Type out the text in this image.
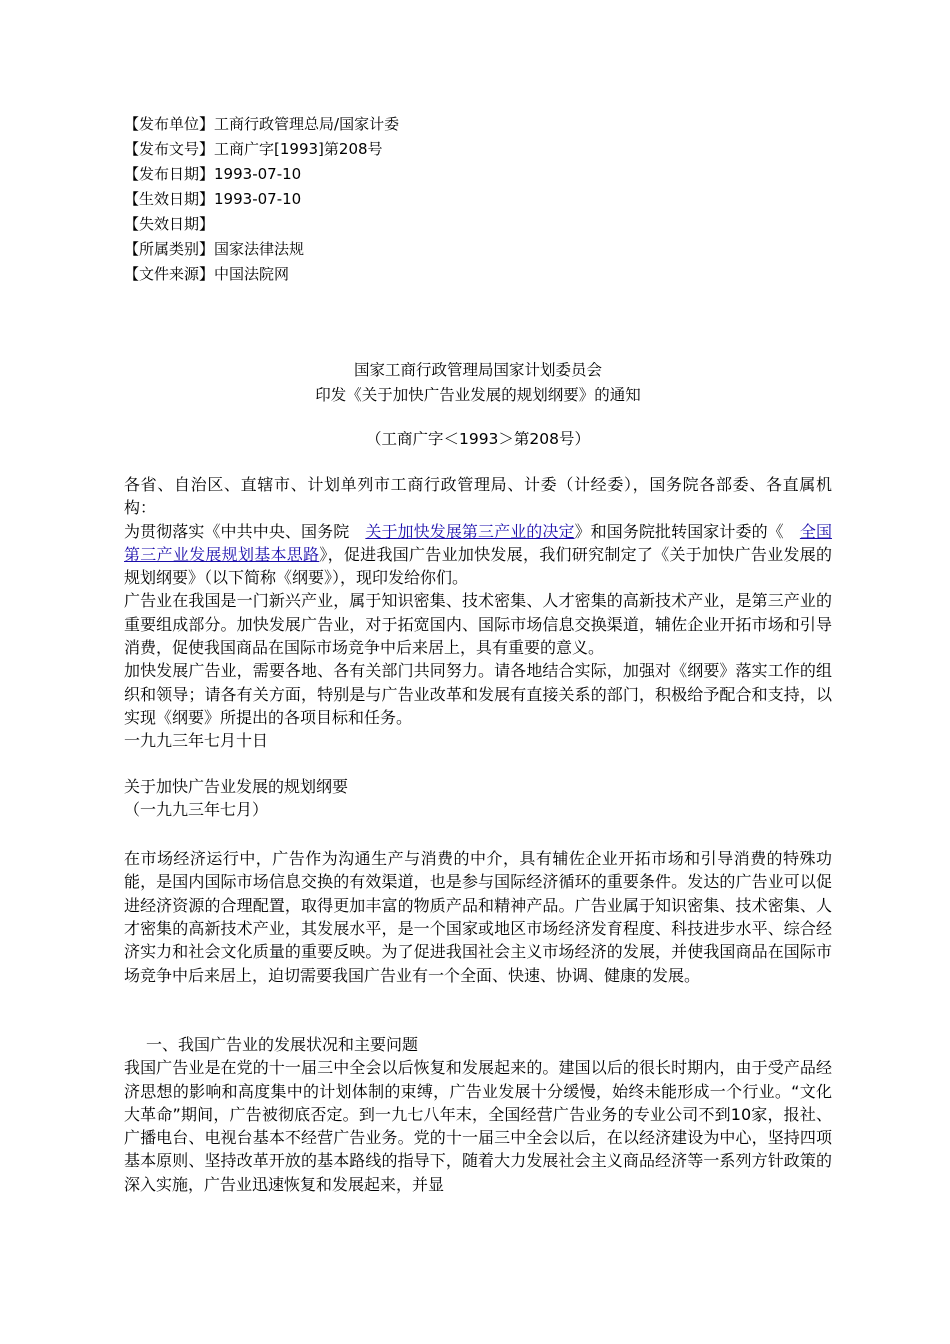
【发布单位】工商行政管理总局/国家计委
【发布文号】工商广字[1993]第208号
【发布日期】1993-07-10
【生效日期】1993-07-10
【失效日期】
【所属类别】国家法律法规
【文件来源】中国法院网
国家工商行政管理局国家计划委员会
印发《关于加快广告业发展的规划纲要》的通知
（工商广字＜1993＞第208号）
各省、自治区、直辖市、计划单列市工商行政管理局、计委（计经委），国务院各部委、各直属机构：

为贯彻落实《中共中央、国务院　关于加快发展第三产业的决定》和国务院批转国家计委的《　全国第三产业发展规划基本思路》，促进我国广告业加快发展，我们研究制定了《关于加快广告业发展的规划纲要》（以下简称《纲要》），现印发给你们。

广告业在我国是一门新兴产业，属于知识密集、技术密集、人才密集的高新技术产业，是第三产业的重要组成部分。加快发展广告业，对于拓宽国内、国际市场信息交换渠道，辅佐企业开拓市场和引导消费，促使我国商品在国际市场竞争中后来居上，具有重要的意义。

加快发展广告业，需要各地、各有关部门共同努力。请各地结合实际，加强对《纲要》落实工作的组织和领导；请各有关方面，特别是与广告业改革和发展有直接关系的部门，积极给予配合和支持，以实现《纲要》所提出的各项目标和任务。

一九九三年七月十日
关于加快广告业发展的规划纲要
（一九九三年七月）

在市场经济运行中，广告作为沟通生产与消费的中介，具有辅佐企业开拓市场和引导消费的特殊功能，是国内国际市场信息交换的有效渠道，也是参与国际经济循环的重要条件。发达的广告业可以促进经济资源的合理配置，取得更加丰富的物质产品和精神产品。广告业属于知识密集、技术密集、人才密集的高新技术产业，其发展水平，是一个国家或地区市场经济发育程度、科技进步水平、综合经济实力和社会文化质量的重要反映。为了促进我国社会主义市场经济的发展，并使我国商品在国际市场竞争中后来居上，迫切需要我国广告业有一个全面、快速、协调、健康的发展。

一、我国广告业的发展状况和主要问题

我国广告业是在党的十一届三中全会以后恢复和发展起来的。建国以后的很长时期内，由于受产品经济思想的影响和高度集中的计划体制的束缚，广告业发展十分缓慢，始终未能形成一个行业。“文化大革命”期间，广告被彻底否定。到一九七八年末，全国经营广告业务的专业公司不到10家，报社、广播电台、电视台基本不经营广告业务。党的十一届三中全会以后，在以经济建设为中心，坚持四项基本原则、坚持改革开放的基本路线的指导下，随着大力发展社会主义商品经济等一系列方针政策的深入实施，广告业迅速恢复和发展起来，并显
